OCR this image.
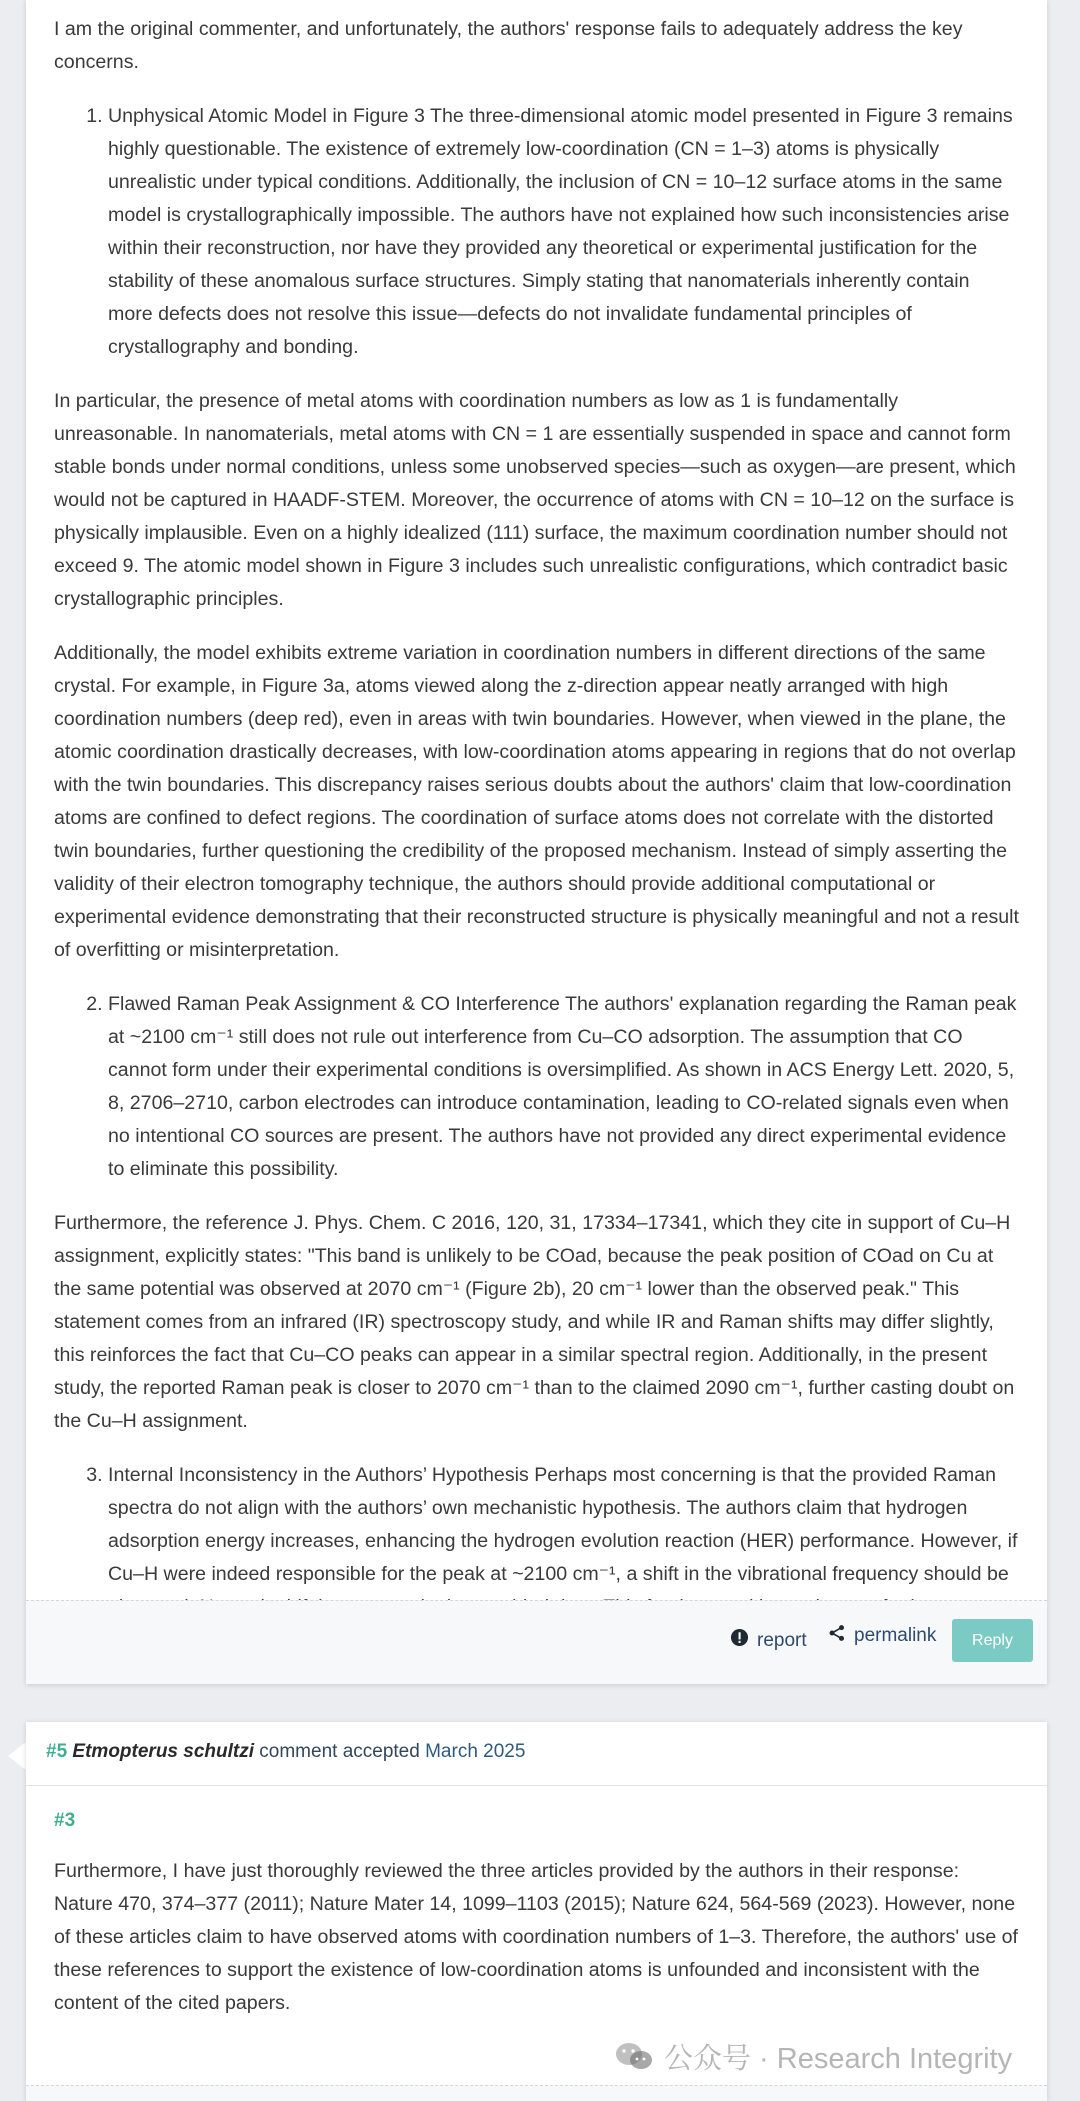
I am the original commenter, and unfortunately, the authors' response fails to adequately address the key concerns.

1. Unphysical Atomic Model in Figure 3 The three-dimensional atomic model presented in Figure 3 remains highly questionable. The existence of extremely low-coordination (CN = 1–3) atoms is physically unrealistic under typical conditions. Additionally, the inclusion of CN = 10–12 surface atoms in the same model is crystallographically impossible. The authors have not explained how such inconsistencies arise within their reconstruction, nor have they provided any theoretical or experimental justification for the stability of these anomalous surface structures. Simply stating that nanomaterials inherently contain more defects does not resolve this issue—defects do not invalidate fundamental principles of crystallography and bonding.

In particular, the presence of metal atoms with coordination numbers as low as 1 is fundamentally unreasonable. In nanomaterials, metal atoms with CN = 1 are essentially suspended in space and cannot form stable bonds under normal conditions, unless some unobserved species—such as oxygen—are present, which would not be captured in HAADF-STEM. Moreover, the occurrence of atoms with CN = 10–12 on the surface is physically implausible. Even on a highly idealized (111) surface, the maximum coordination number should not exceed 9. The atomic model shown in Figure 3 includes such unrealistic configurations, which contradict basic crystallographic principles.

Additionally, the model exhibits extreme variation in coordination numbers in different directions of the same crystal. For example, in Figure 3a, atoms viewed along the z-direction appear neatly arranged with high coordination numbers (deep red), even in areas with twin boundaries. However, when viewed in the plane, the atomic coordination drastically decreases, with low-coordination atoms appearing in regions that do not overlap with the twin boundaries. This discrepancy raises serious doubts about the authors' claim that low-coordination atoms are confined to defect regions. The coordination of surface atoms does not correlate with the distorted twin boundaries, further questioning the credibility of the proposed mechanism. Instead of simply asserting the validity of their electron tomography technique, the authors should provide additional computational or experimental evidence demonstrating that their reconstructed structure is physically meaningful and not a result of overfitting or misinterpretation.

2. Flawed Raman Peak Assignment & CO Interference The authors' explanation regarding the Raman peak at ~2100 cm⁻¹ still does not rule out interference from Cu–CO adsorption. The assumption that CO cannot form under their experimental conditions is oversimplified. As shown in ACS Energy Lett. 2020, 5, 8, 2706–2710, carbon electrodes can introduce contamination, leading to CO-related signals even when no intentional CO sources are present. The authors have not provided any direct experimental evidence to eliminate this possibility.

Furthermore, the reference J. Phys. Chem. C 2016, 120, 31, 17334–17341, which they cite in support of Cu–H assignment, explicitly states: "This band is unlikely to be COad, because the peak position of COad on Cu at the same potential was observed at 2070 cm⁻¹ (Figure 2b), 20 cm⁻¹ lower than the observed peak." This statement comes from an infrared (IR) spectroscopy study, and while IR and Raman shifts may differ slightly, this reinforces the fact that Cu–CO peaks can appear in a similar spectral region. Additionally, in the present study, the reported Raman peak is closer to 2070 cm⁻¹ than to the claimed 2090 cm⁻¹, further casting doubt on the Cu–H assignment.

3. Internal Inconsistency in the Authors’ Hypothesis Perhaps most concerning is that the provided Raman spectra do not align with the authors’ own mechanistic hypothesis. The authors claim that hydrogen adsorption energy increases, enhancing the hydrogen evolution reaction (HER) performance. However, if Cu–H were indeed responsible for the peak at ~2100 cm⁻¹, a shift in the vibrational frequency should be
report permalink	Reply
#5 Etmopterus schultzi comment accepted March 2025
#3

Furthermore, I have just thoroughly reviewed the three articles provided by the authors in their response: Nature 470, 374–377 (2011); Nature Mater 14, 1099–1103 (2015); Nature 624, 564-569 (2023). However, none of these articles claim to have observed atoms with coordination numbers of 1–3. Therefore, the authors' use of these references to support the existence of low-coordination atoms is unfounded and inconsistent with the content of the cited papers.

公众号 · Research Integrity
